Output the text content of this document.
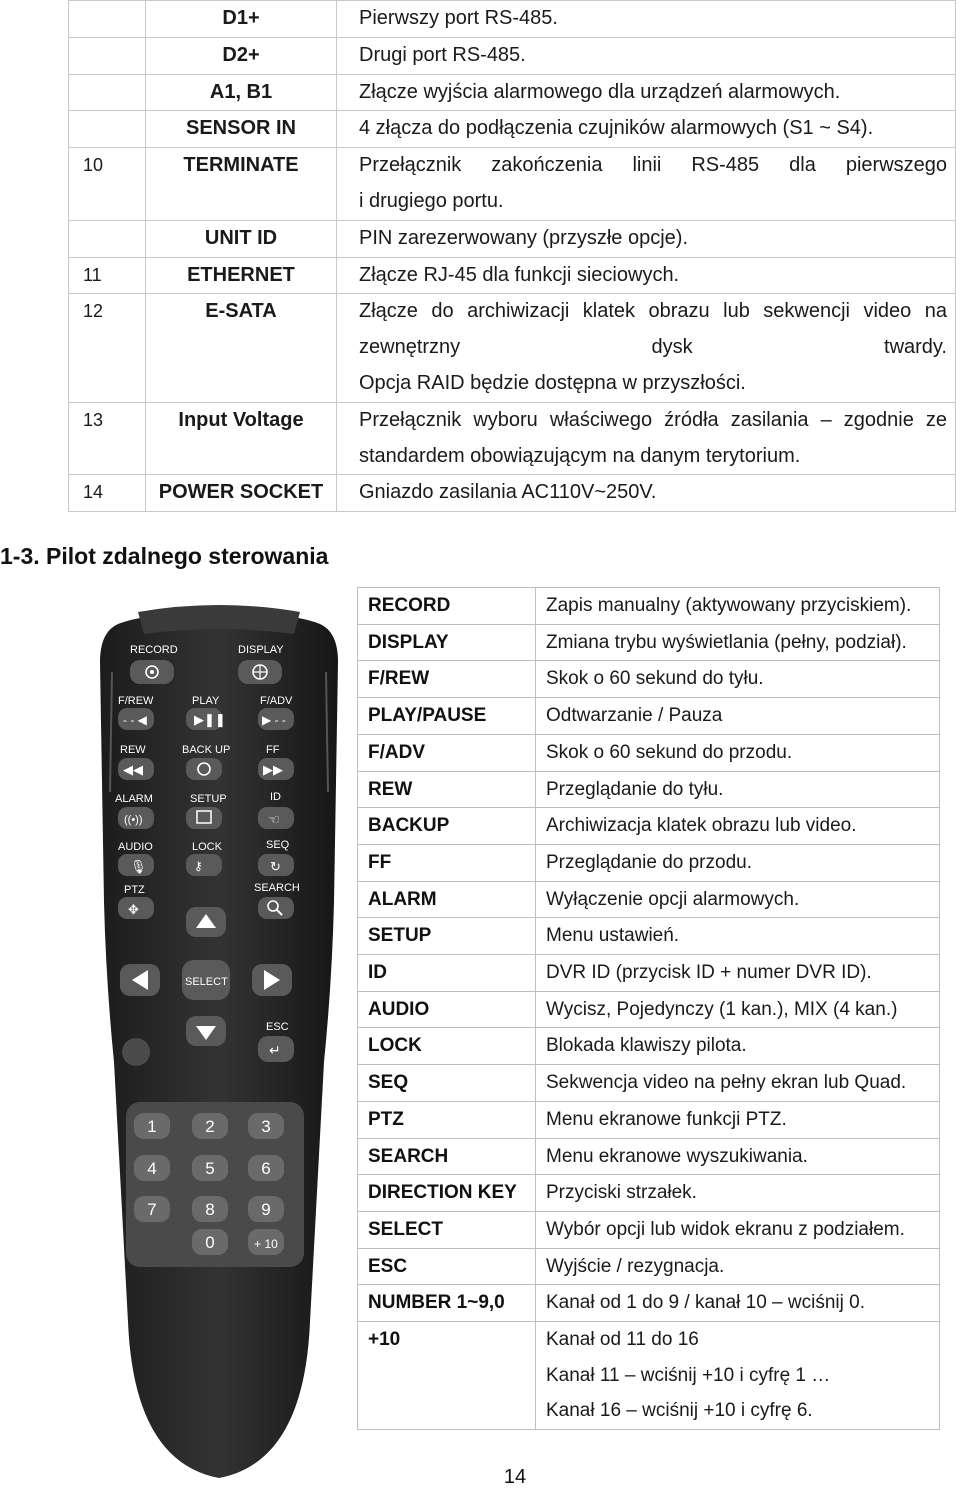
	D1+	Pierwszy port RS-485.

	D2+	Drugi port RS-485.

	A1, B1	Złącze wyjścia alarmowego dla urządzeń alarmowych.

	SENSOR IN	4 złącza do podłączenia czujników alarmowych (S1 ~ S4).

10	TERMINATE	Przełącznik zakończenia linii RS-485 dla pierwszego
i drugiego portu.

	UNIT ID	PIN zarezerwowany (przyszłe opcje).

11	ETHERNET	Złącze RJ-45 dla funkcji sieciowych.

12	E-SATA	Złącze do archiwizacji klatek obrazu lub sekwencji video na
zewnętrzny dysk twardy.
Opcja RAID będzie dostępna w przyszłości.

13	Input Voltage	Przełącznik wyboru właściwego źródła zasilania – zgodnie ze
standardem obowiązującym na danym terytorium.

14	POWER SOCKET	Gniazdo zasilania AC110V~250V.
1-3. Pilot zdalnego sterowania
RECORD	DISPLAY
F/REW	PLAY	F/ADV
- - ◀	▶❚❚	▶ - -
REW	BACK UP	FF
◀◀	▶▶
ALARM	SETUP	ID
((•))	☜
AUDIO	LOCK	SEQ
🎙	⚷	↻
PTZ	SEARCH
✥
SELECT
ESC
↵
1	2	3
4	5	6
7	8	9
0	+ 10
RECORD	Zapis manualny (aktywowany przyciskiem).

DISPLAY	Zmiana trybu wyświetlania (pełny, podział).

F/REW	Skok o 60 sekund do tyłu.

PLAY/PAUSE	Odtwarzanie / Pauza

F/ADV	Skok o 60 sekund do przodu.

REW	Przeglądanie do tyłu.

BACKUP	Archiwizacja klatek obrazu lub video.

FF	Przeglądanie do przodu.

ALARM	Wyłączenie opcji alarmowych.

SETUP	Menu ustawień.

ID	DVR ID (przycisk ID + numer DVR ID).

AUDIO	Wycisz, Pojedynczy (1 kan.), MIX (4 kan.)

LOCK	Blokada klawiszy pilota.

SEQ	Sekwencja video na pełny ekran lub Quad.

PTZ	Menu ekranowe funkcji PTZ.

SEARCH	Menu ekranowe wyszukiwania.

DIRECTION KEY	Przyciski strzałek.

SELECT	Wybór opcji lub widok ekranu z podziałem.

ESC	Wyjście / rezygnacja.

NUMBER 1~9,0	Kanał od 1 do 9 / kanał 10 – wciśnij 0.

+10	Kanał od 11 do 16
Kanał 11 – wciśnij +10 i cyfrę 1 …
Kanał 16 – wciśnij +10 i cyfrę 6.
14
